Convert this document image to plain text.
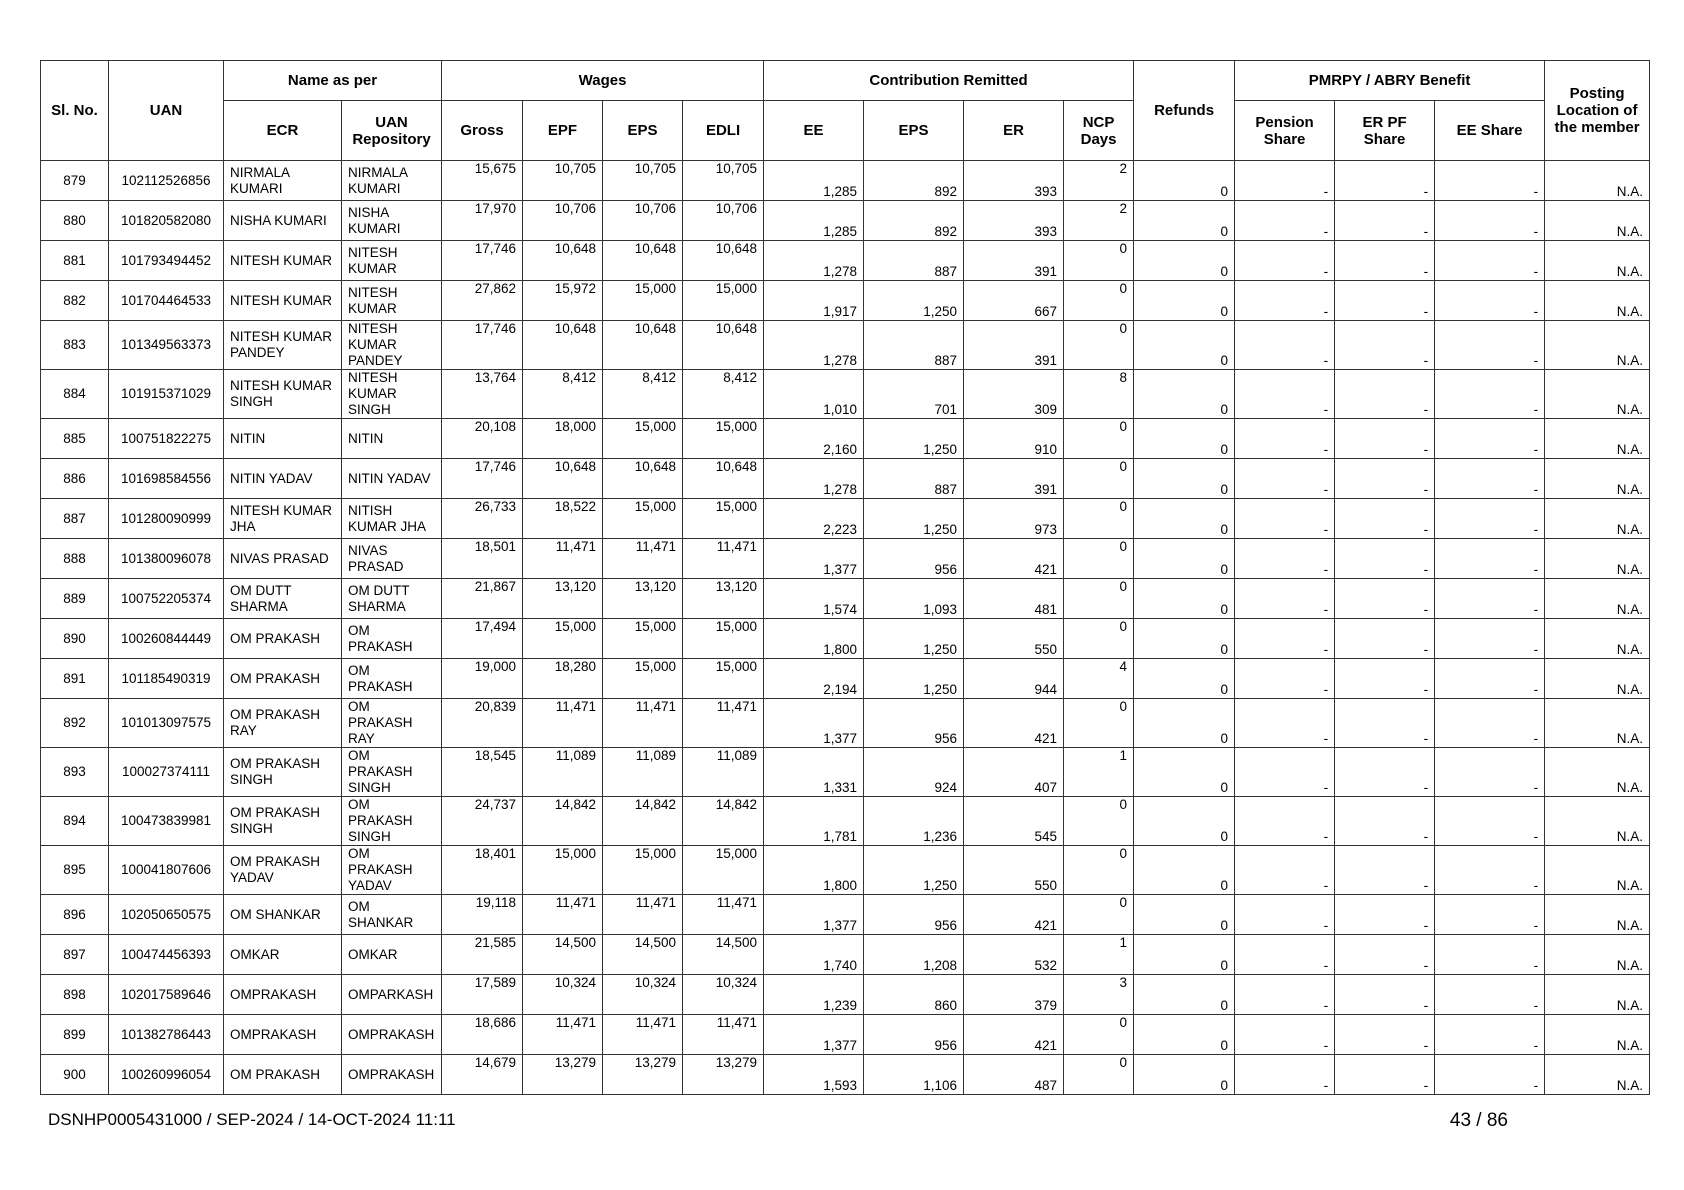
Sl. No.	UAN	Name as per		Wages				Contribution Remitted				Refunds	PMRPY / ABRY Benefit			Posting Location of the member
		ECR	UAN Repository	Gross	EPF	EPS	EDLI	EE	EPS	ER	NCP Days		Pension Share	ER PF Share	EE Share	
879	102112526856	NIRMALA KUMARI	NIRMALA KUMARI	15,675	10,705	10,705	10,705	1,285	892	393	2	0	-	-	-	N.A.
880	101820582080	NISHA KUMARI	NISHA KUMARI	17,970	10,706	10,706	10,706	1,285	892	393	2	0	-	-	-	N.A.
881	101793494452	NITESH KUMAR	NITESH KUMAR	17,746	10,648	10,648	10,648	1,278	887	391	0	0	-	-	-	N.A.
882	101704464533	NITESH KUMAR	NITESH KUMAR	27,862	15,972	15,000	15,000	1,917	1,250	667	0	0	-	-	-	N.A.
883	101349563373	NITESH KUMAR PANDEY	NITESH KUMAR PANDEY	17,746	10,648	10,648	10,648	1,278	887	391	0	0	-	-	-	N.A.
884	101915371029	NITESH KUMAR SINGH	NITESH KUMAR SINGH	13,764	8,412	8,412	8,412	1,010	701	309	8	0	-	-	-	N.A.
885	100751822275	NITIN	NITIN	20,108	18,000	15,000	15,000	2,160	1,250	910	0	0	-	-	-	N.A.
886	101698584556	NITIN YADAV	NITIN YADAV	17,746	10,648	10,648	10,648	1,278	887	391	0	0	-	-	-	N.A.
887	101280090999	NITESH KUMAR JHA	NITISH KUMAR JHA	26,733	18,522	15,000	15,000	2,223	1,250	973	0	0	-	-	-	N.A.
888	101380096078	NIVAS PRASAD	NIVAS PRASAD	18,501	11,471	11,471	11,471	1,377	956	421	0	0	-	-	-	N.A.
889	100752205374	OM DUTT SHARMA	OM DUTT SHARMA	21,867	13,120	13,120	13,120	1,574	1,093	481	0	0	-	-	-	N.A.
890	100260844449	OM PRAKASH	OM PRAKASH	17,494	15,000	15,000	15,000	1,800	1,250	550	0	0	-	-	-	N.A.
891	101185490319	OM PRAKASH	OM PRAKASH	19,000	18,280	15,000	15,000	2,194	1,250	944	4	0	-	-	-	N.A.
892	101013097575	OM PRAKASH RAY	OM PRAKASH RAY	20,839	11,471	11,471	11,471	1,377	956	421	0	0	-	-	-	N.A.
893	100027374111	OM PRAKASH SINGH	OM PRAKASH SINGH	18,545	11,089	11,089	11,089	1,331	924	407	1	0	-	-	-	N.A.
894	100473839981	OM PRAKASH SINGH	OM PRAKASH SINGH	24,737	14,842	14,842	14,842	1,781	1,236	545	0	0	-	-	-	N.A.
895	100041807606	OM PRAKASH YADAV	OM PRAKASH YADAV	18,401	15,000	15,000	15,000	1,800	1,250	550	0	0	-	-	-	N.A.
896	102050650575	OM SHANKAR	OM SHANKAR	19,118	11,471	11,471	11,471	1,377	956	421	0	0	-	-	-	N.A.
897	100474456393	OMKAR	OMKAR	21,585	14,500	14,500	14,500	1,740	1,208	532	1	0	-	-	-	N.A.
898	102017589646	OMPRAKASH	OMPARKASH	17,589	10,324	10,324	10,324	1,239	860	379	3	0	-	-	-	N.A.
899	101382786443	OMPRAKASH	OMPRAKASH	18,686	11,471	11,471	11,471	1,377	956	421	0	0	-	-	-	N.A.
900	100260996054	OM PRAKASH	OMPRAKASH	14,679	13,279	13,279	13,279	1,593	1,106	487	0	0	-	-	-	N.A.
DSNHP0005431000 / SEP-2024 / 14-OCT-2024 11:11	43 / 86
